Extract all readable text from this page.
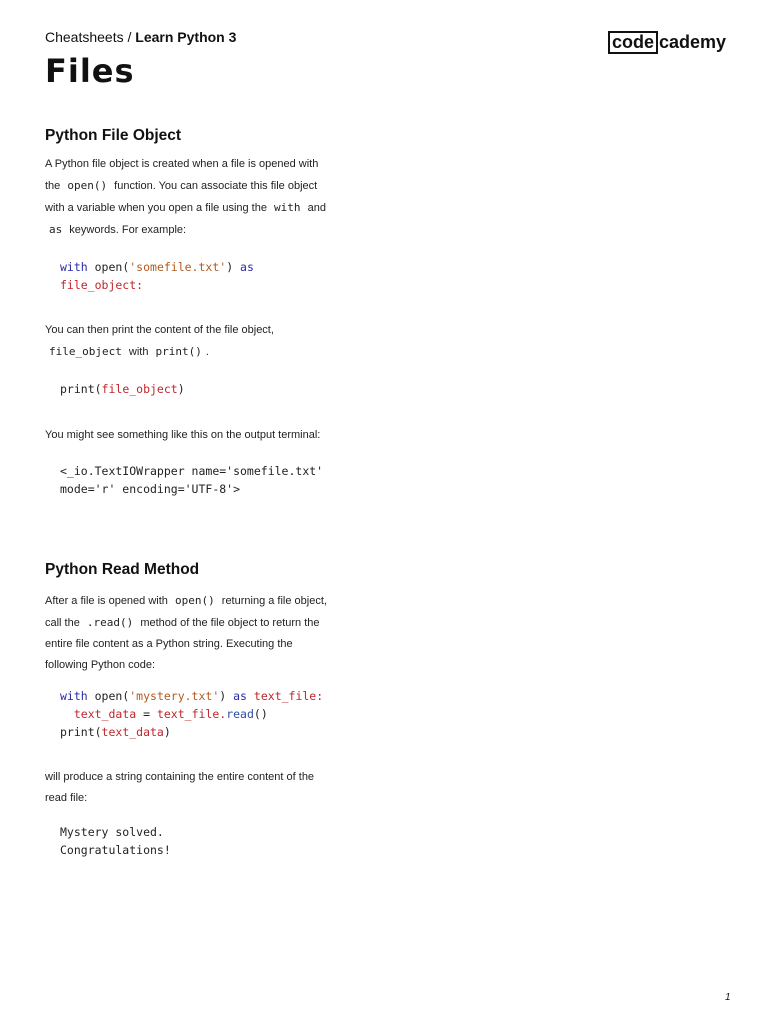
Cheatsheets / Learn Python 3	code cademy
Files
Python File Object

A Python file object is created when a file is opened with the open() function. You can associate this file object with a variable when you open a file using the with and as keywords. For example:

with open('somefile.txt') as
file_object:

You can then print the content of the file object, file_object with print() .

print(file_object)

You might see something like this on the output terminal:

<_io.TextIOWrapper name='somefile.txt'
mode='r' encoding='UTF-8'>
Python Read Method

After a file is opened with open() returning a file object, call the .read() method of the file object to return the entire file content as a Python string. Executing the following Python code:

with open('mystery.txt') as text_file:
text_data = text_file.read()
print(text_data)

will produce a string containing the entire content of the read file:

Mystery solved.
Congratulations!
1
